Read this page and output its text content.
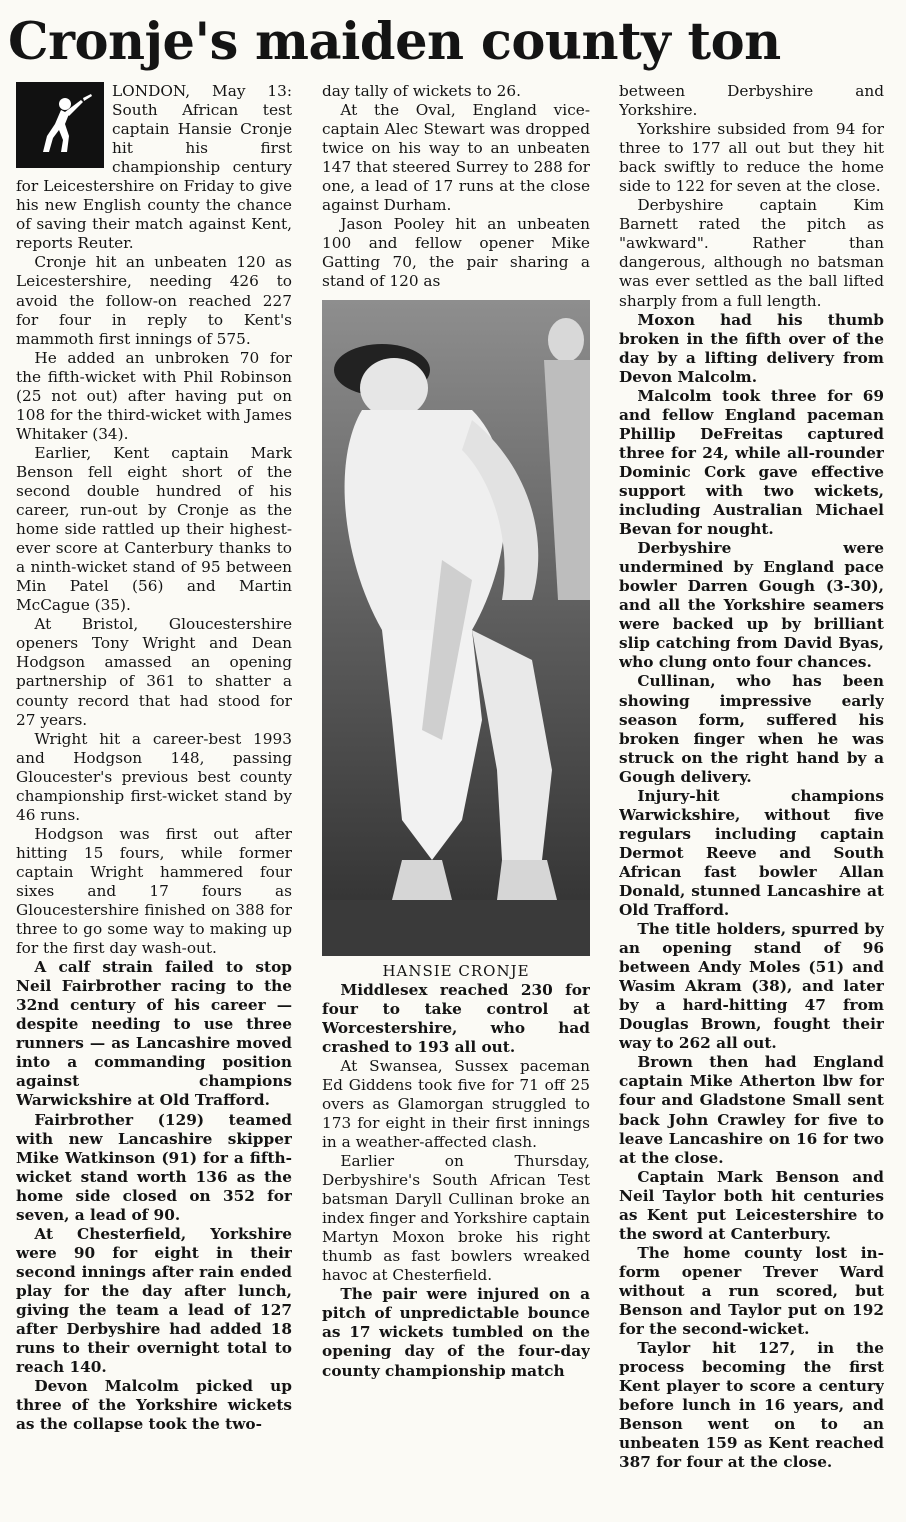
Cronje's maiden county ton

LONDON, May 13: South African test captain Hansie Cronje hit his first championship century for Leicestershire on Friday to give his new English county the chance of saving their match against Kent, reports Reuter.

Cronje hit an unbeaten 120 as Leicestershire, needing 426 to avoid the follow-on reached 227 for four in reply to Kent's mammoth first innings of 575.

He added an unbroken 70 for the fifth-wicket with Phil Robinson (25 not out) after having put on 108 for the third-wicket with James Whitaker (34).

Earlier, Kent captain Mark Benson fell eight short of the second double hundred of his career, run-out by Cronje as the home side rattled up their highest-ever score at Canterbury thanks to a ninth-wicket stand of 95 between Min Patel (56) and Martin McCague (35).

At Bristol, Gloucestershire openers Tony Wright and Dean Hodgson amassed an opening partnership of 361 to shatter a county record that had stood for 27 years.

Wright hit a career-best 1993 and Hodgson 148, passing Gloucester's previous best county championship first-wicket stand by 46 runs.

Hodgson was first out after hitting 15 fours, while former captain Wright hammered four sixes and 17 fours as Gloucestershire finished on 388 for three to go some way to making up for the first day wash-out.

A calf strain failed to stop Neil Fairbrother racing to the 32nd century of his career — despite needing to use three runners — as Lancashire moved into a commanding position against champions Warwickshire at Old Trafford.

Fairbrother (129) teamed with new Lancashire skipper Mike Watkinson (91) for a fifth-wicket stand worth 136 as the home side closed on 352 for seven, a lead of 90.

At Chesterfield, Yorkshire were 90 for eight in their second innings after rain ended play for the day after lunch, giving the team a lead of 127 after Derbyshire had added 18 runs to their overnight total to reach 140.

Devon Malcolm picked up three of the Yorkshire wickets as the collapse took the two-

day tally of wickets to 26.

At the Oval, England vice-captain Alec Stewart was dropped twice on his way to an unbeaten 147 that steered Surrey to 288 for one, a lead of 17 runs at the close against Durham.

Jason Pooley hit an unbeaten 100 and fellow opener Mike Gatting 70, the pair sharing a stand of 120 as

HANSIE CRONJE

Middlesex reached 230 for four to take control at Worcestershire, who had crashed to 193 all out.

At Swansea, Sussex paceman Ed Giddens took five for 71 off 25 overs as Glamorgan struggled to 173 for eight in their first innings in a weather-affected clash.

Earlier on Thursday, Derbyshire's South African Test batsman Daryll Cullinan broke an index finger and Yorkshire captain Martyn Moxon broke his right thumb as fast bowlers wreaked havoc at Chesterfield.

The pair were injured on a pitch of unpredictable bounce as 17 wickets tumbled on the opening day of the four-day county championship match

between Derbyshire and Yorkshire.

Yorkshire subsided from 94 for three to 177 all out but they hit back swiftly to reduce the home side to 122 for seven at the close.

Derbyshire captain Kim Barnett rated the pitch as "awkward". Rather than dangerous, although no batsman was ever settled as the ball lifted sharply from a full length.

Moxon had his thumb broken in the fifth over of the day by a lifting delivery from Devon Malcolm.

Malcolm took three for 69 and fellow England paceman Phillip DeFreitas captured three for 24, while all-rounder Dominic Cork gave effective support with two wickets, including Australian Michael Bevan for nought.

Derbyshire were undermined by England pace bowler Darren Gough (3-30), and all the Yorkshire seamers were backed up by brilliant slip catching from David Byas, who clung onto four chances.

Cullinan, who has been showing impressive early season form, suffered his broken finger when he was struck on the right hand by a Gough delivery.

Injury-hit champions Warwickshire, without five regulars including captain Dermot Reeve and South African fast bowler Allan Donald, stunned Lancashire at Old Trafford.

The title holders, spurred by an opening stand of 96 between Andy Moles (51) and Wasim Akram (38), and later by a hard-hitting 47 from Douglas Brown, fought their way to 262 all out.

Brown then had England captain Mike Atherton lbw for four and Gladstone Small sent back John Crawley for five to leave Lancashire on 16 for two at the close.

Captain Mark Benson and Neil Taylor both hit centuries as Kent put Leicestershire to the sword at Canterbury.

The home county lost in-form opener Trever Ward without a run scored, but Benson and Taylor put on 192 for the second-wicket.

Taylor hit 127, in the process becoming the first Kent player to score a century before lunch in 16 years, and Benson went on to an unbeaten 159 as Kent reached 387 for four at the close.
